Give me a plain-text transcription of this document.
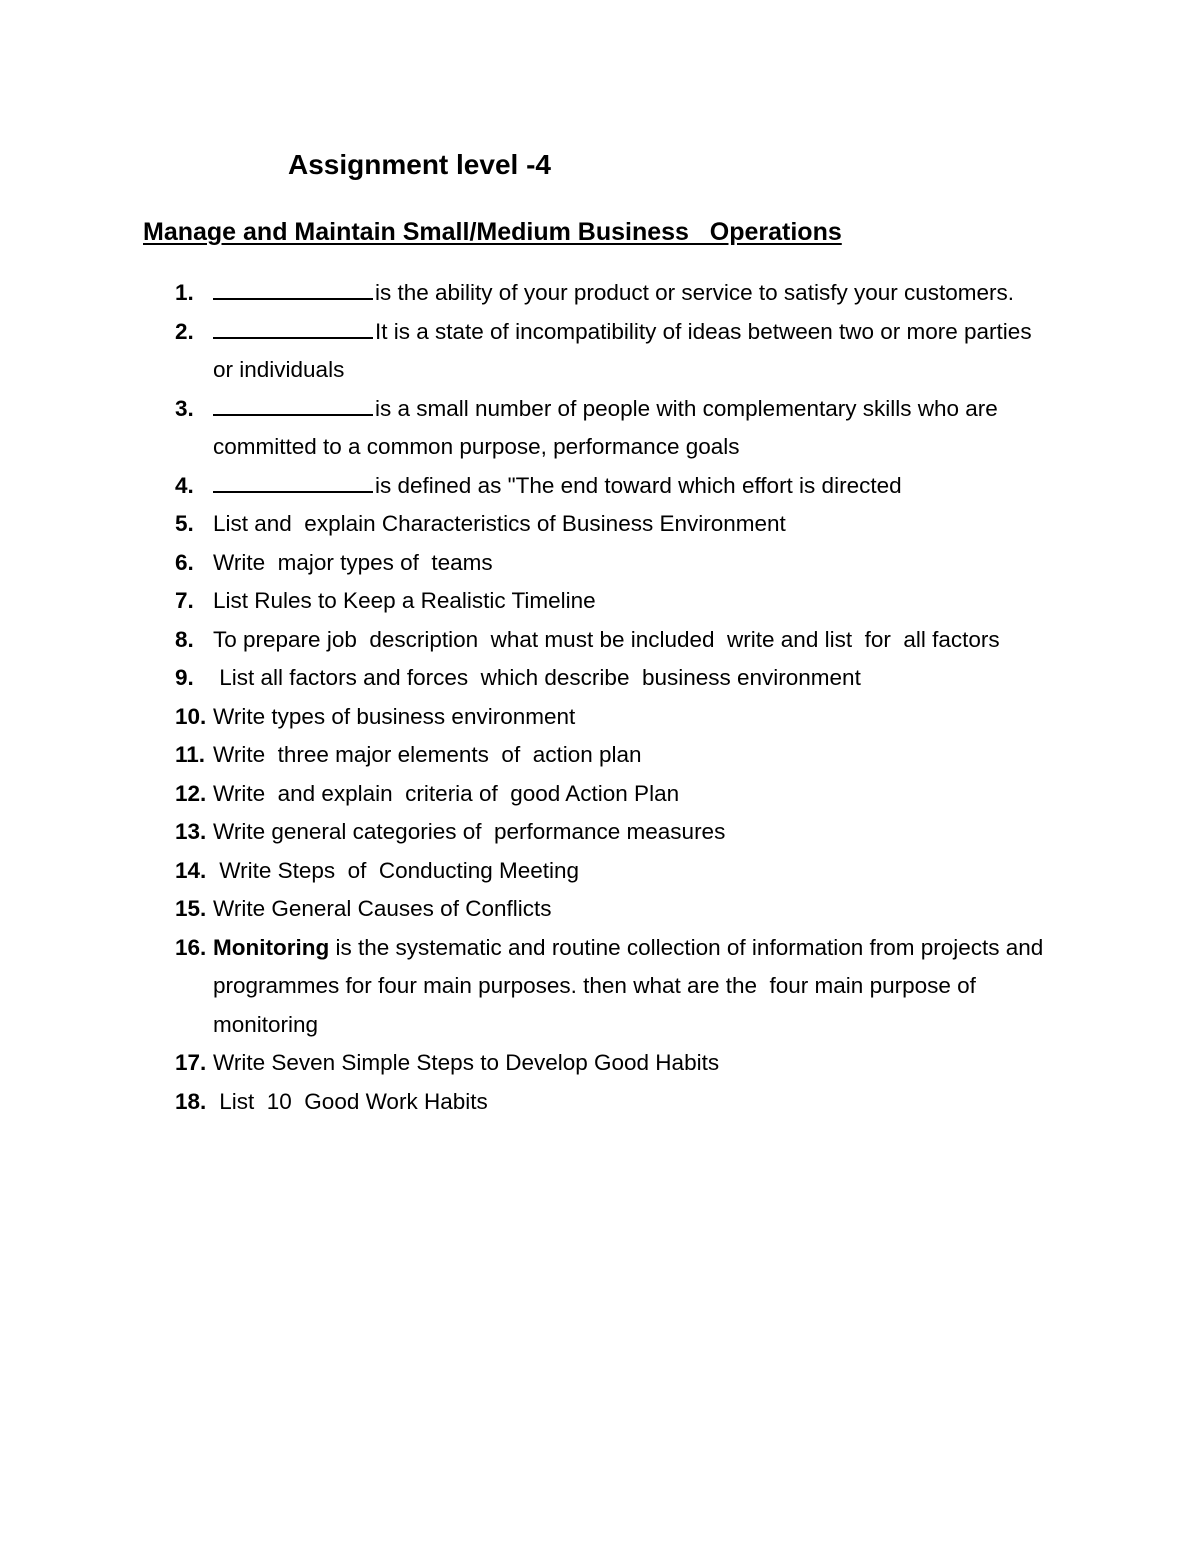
Assignment level -4
Manage and Maintain Small/Medium Business   Operations
1.	is the ability of your product or service to satisfy your customers.
2.	It is a state of incompatibility of ideas between two or more parties or individuals
3.	is a small number of people with complementary skills who are committed to a common purpose, performance goals
4.	is defined as "The end toward which effort is directed
5. List and  explain Characteristics of Business Environment
6. Write  major types of  teams
7. List Rules to Keep a Realistic Timeline
8. To prepare job  description  what must be included  write and list  for  all factors
9. List all factors and forces  which describe  business environment
10. Write types of business environment
11. Write  three major elements  of  action plan
12. Write  and explain  criteria of  good Action Plan
13. Write general categories of  performance measures
14. Write Steps  of  Conducting Meeting
15. Write General Causes of Conflicts
16. Monitoring is the systematic and routine collection of information from projects and programmes for four main purposes. then what are the  four main purpose of monitoring
17. Write Seven Simple Steps to Develop Good Habits
18. List  10  Good Work Habits
